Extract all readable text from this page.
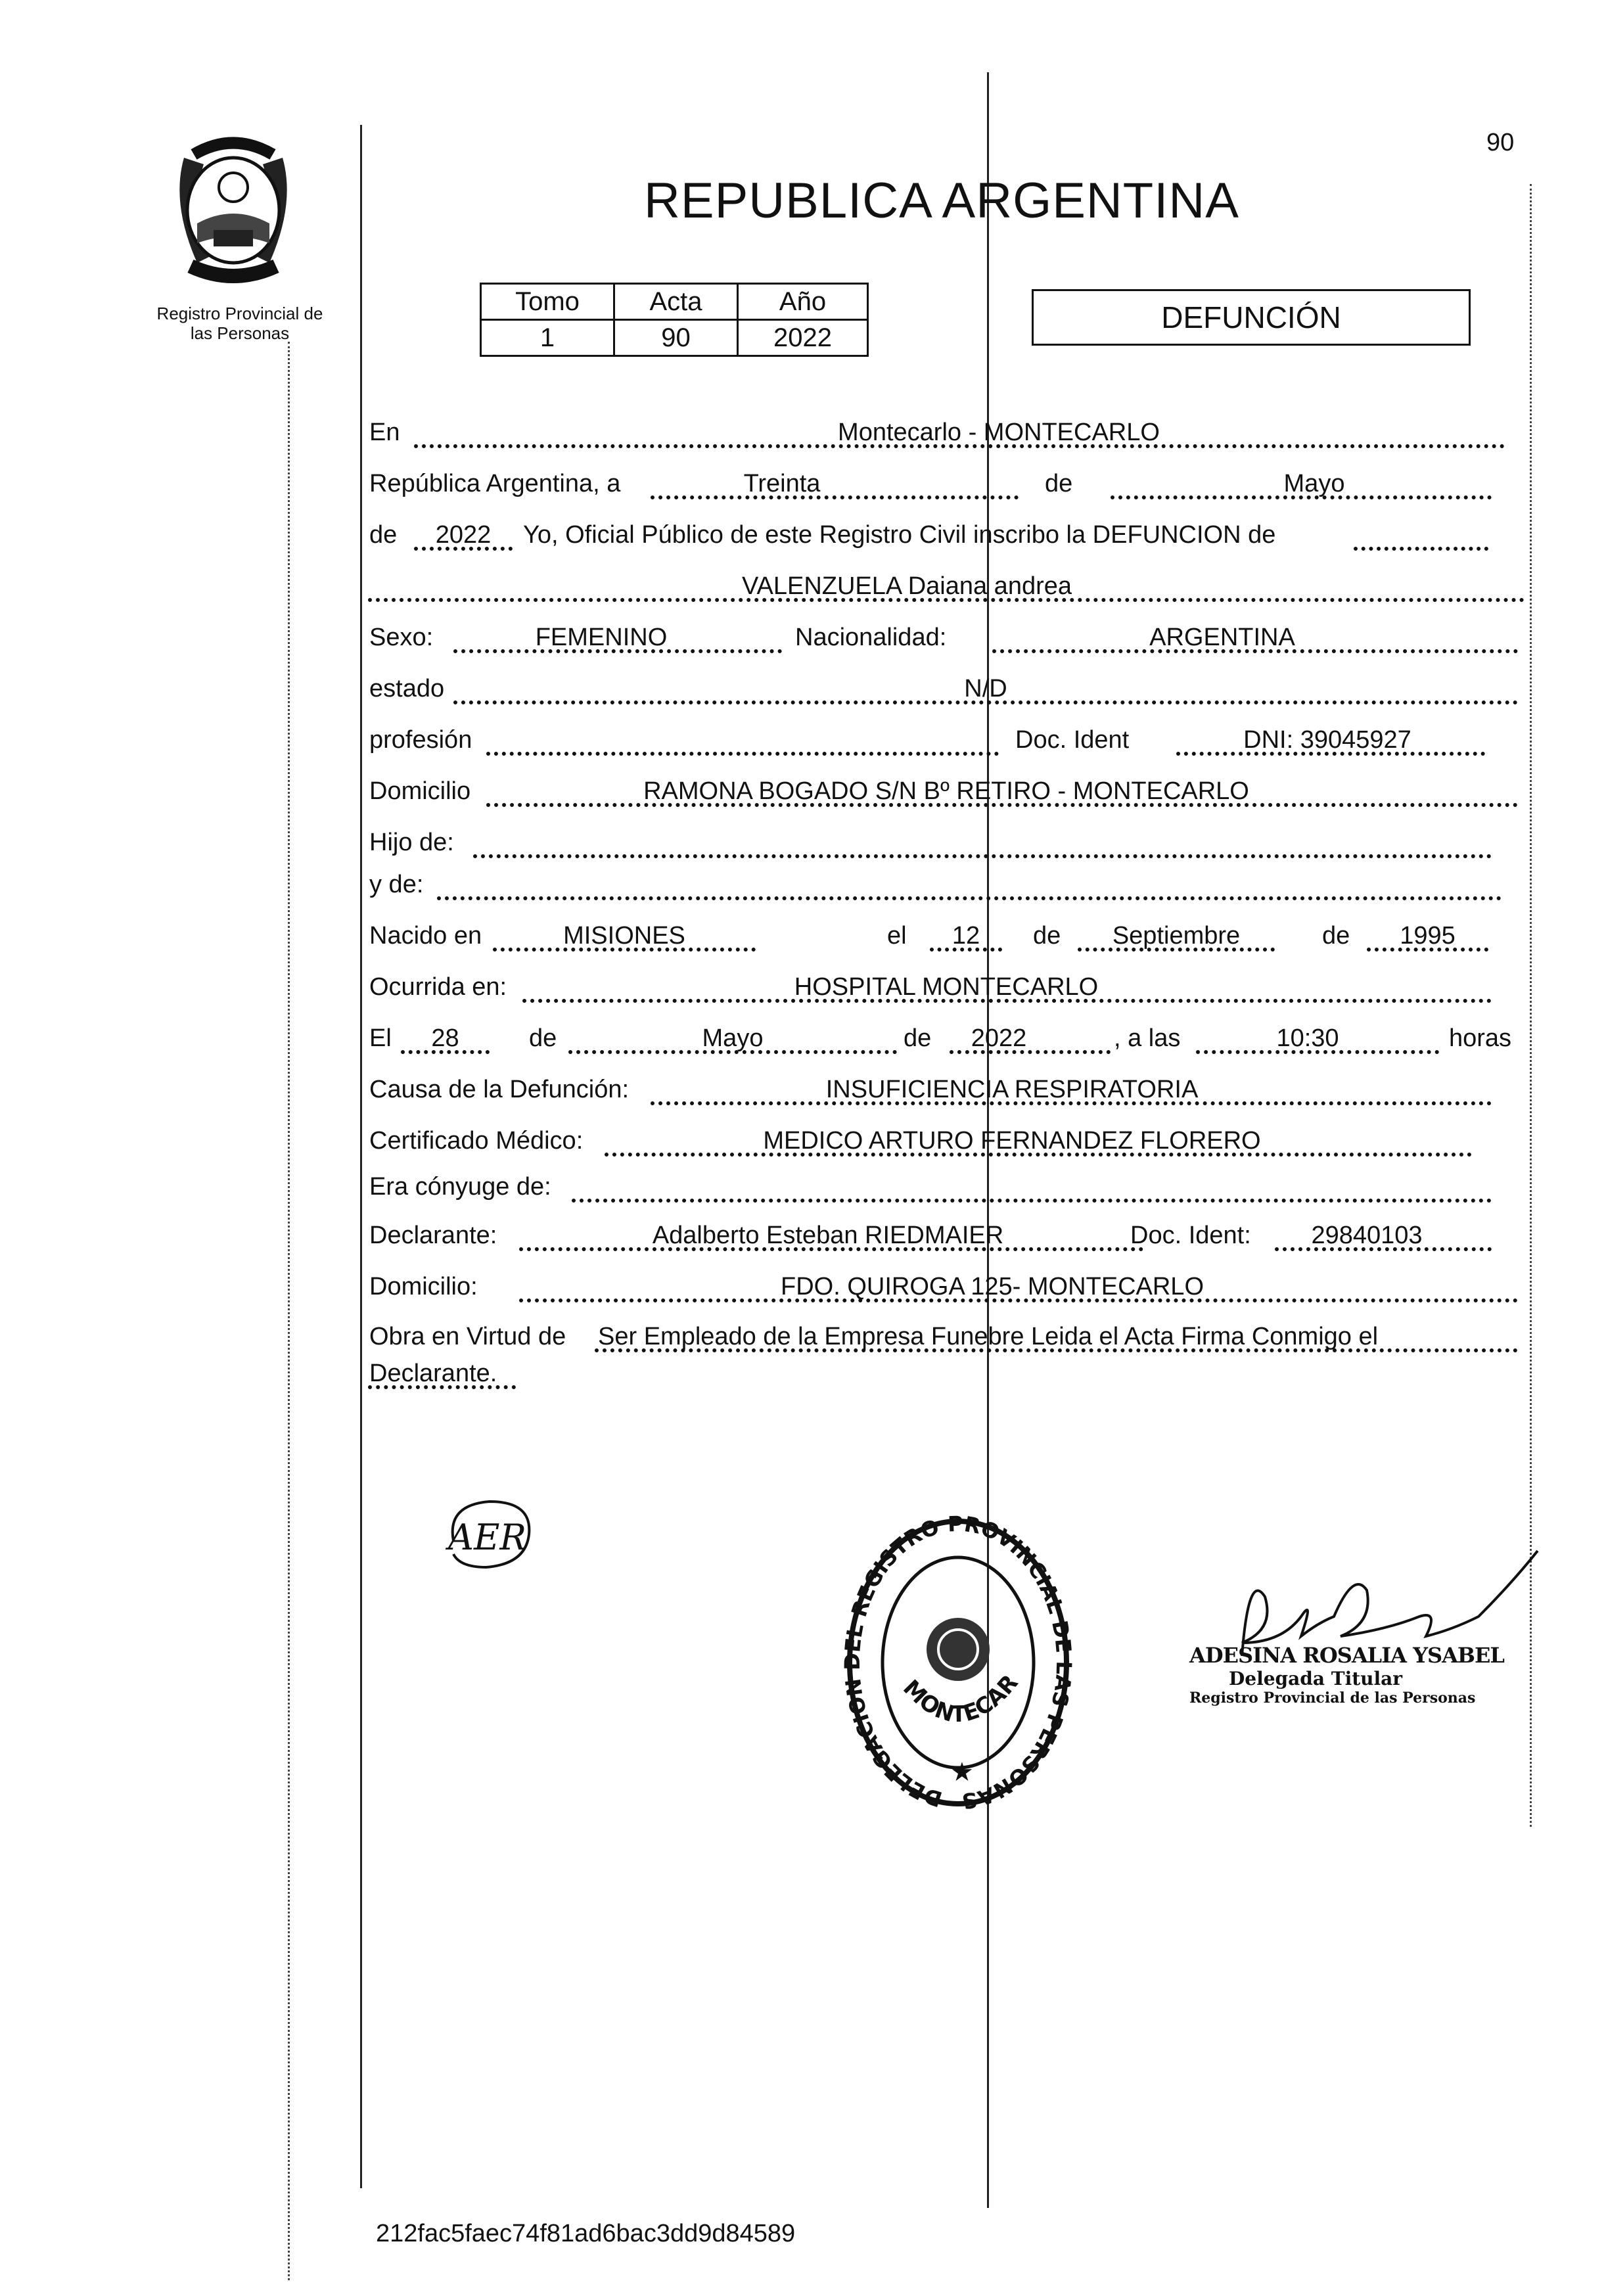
90
Registro Provincial de
las Personas
REPUBLICA ARGENTINA
Tomo	Acta	Año
1	90	2022
DEFUNCIÓN
En	Montecarlo - MONTECARLO
República Argentina, a	Treinta	de	Mayo
de	2022	Yo, Oficial Público de este Registro Civil inscribo la DEFUNCION de
VALENZUELA Daiana andrea
Sexo:	FEMENINO	Nacionalidad:	ARGENTINA
estado	N/D
profesión	Doc. Ident	DNI: 39045927
Domicilio	RAMONA BOGADO S/N Bº RETIRO - MONTECARLO
Hijo de:
y de:
Nacido en	MISIONES	el	12	de	Septiembre	de	1995
Ocurrida en:	HOSPITAL MONTECARLO
El	28	de	Mayo	de	2022	, a las	10:30	horas
Causa de la Defunción:	INSUFICIENCIA RESPIRATORIA
Certificado Médico:	MEDICO ARTURO FERNANDEZ FLORERO
Era cónyuge de:
Declarante:	Adalberto Esteban RIEDMAIER	Doc. Ident:	29840103
Domicilio:	FDO. QUIROGA 125- MONTECARLO
Obra en Virtud de Ser Empleado de la Empresa Funebre Leida el Acta Firma Conmigo el
Declarante.
AER
DELEGACION DEL REGISTRO PROVINCIAL DE LAS PERSONAS
MONTECAR
★
ADESINA ROSALIA YSABEL
Delegada Titular
Registro Provincial de las Personas
212fac5faec74f81ad6bac3dd9d84589
